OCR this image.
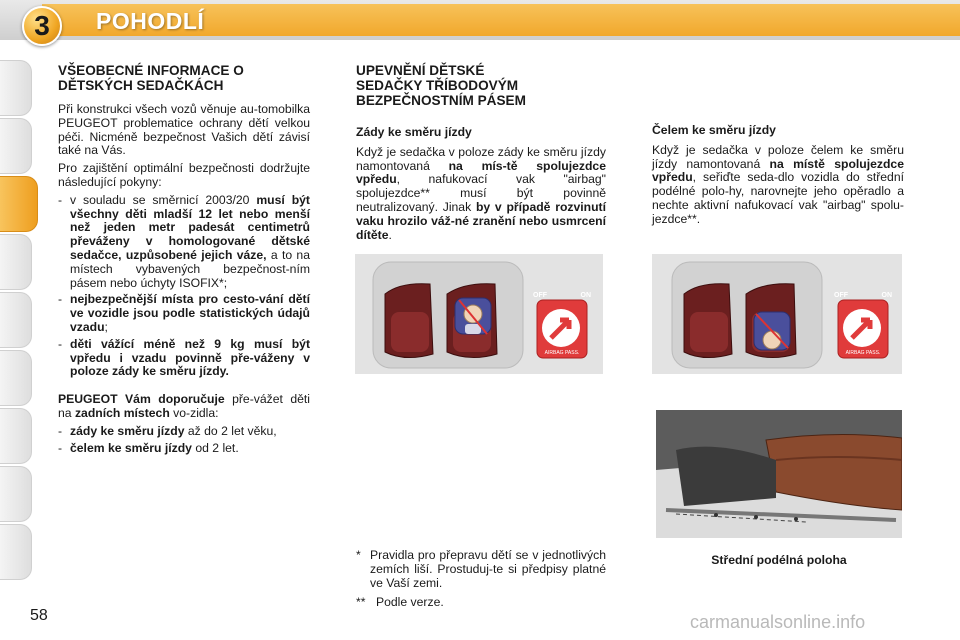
3 POHODLÍ
VŠEOBECNÉ INFORMACE O
DĚTSKÝCH SEDAČKÁCH

Při konstrukci všech vozů věnuje au-tomobilka PEUGEOT problematice ochrany dětí velkou péči. Nicméně bezpečnost Vašich dětí závisí také na Vás.

Pro zajištění optimální bezpečnosti dodržujte následující pokyny:

- v souladu se směrnicí 2003/20 musí být všechny děti mladší 12 let nebo menší než jeden metr padesát centimetrů převáženy v homologované dětské sedačce, uzpůsobené jejich váze, a to na místech vybavených bezpečnost-ním pásem nebo úchyty ISOFIX*;
- nejbezpečnější místa pro cesto-vání dětí ve vozidle jsou podle statistických údajů vzadu;
- děti vážící méně než 9 kg musí být vpředu i vzadu povinně pře-váženy v poloze zády ke směru jízdy.

PEUGEOT Vám doporučuje pře-vážet děti na zadních místech vo-zidla:

- zády ke směru jízdy až do 2 let věku,
- čelem ke směru jízdy od 2 let.
UPEVNĚNÍ DĚTSKÉ
SEDAČKY TŘÍBODOVÝM
BEZPEČNOSTNÍM PÁSEM
Zády ke směru jízdy

Když je sedačka v poloze zády ke směru jízdy namontovaná na mís-tě spolujezdce vpředu, nafukovací vak "airbag" spolujezdce** musí být povinně neutralizovaný. Jinak by v případě rozvinutí vaku hrozilo váž-né zranění nebo usmrcení dítěte.

Čelem ke směru jízdy

Když je sedačka v poloze čelem ke směru jízdy namontovaná na místě spolujezdce vpředu, seřiďte seda-dlo vozidla do střední podélné polo-hy, narovnejte jeho opěradlo a nechte aktivní nafukovací vak "airbag" spolu-jezdce**.

OFF	ON
AIRBAG PASS.
OFF	ON
AIRBAG PASS.
Střední podélná poloha
* Pravidla pro přepravu dětí se v jednotlivých zemích liší. Prostuduj-te si předpisy platné ve Vaší zemi.
** Podle verze.
58	carmanualsonline.info
